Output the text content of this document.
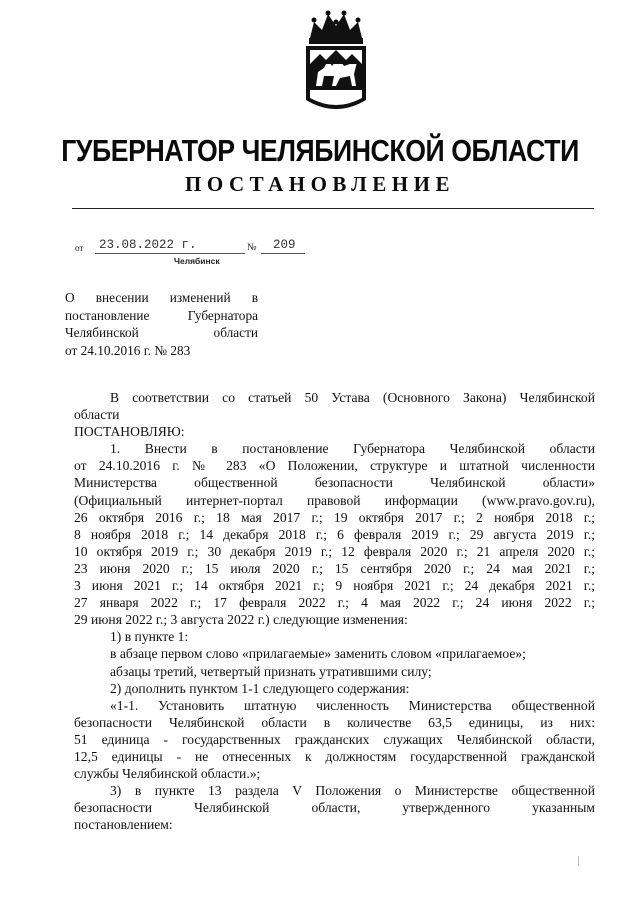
ГУБЕРНАТОР ЧЕЛЯБИНСКОЙ ОБЛАСТИ
ПОСТАНОВЛЕНИЕ
от 23.08.2022 г.	№ 209
Челябинск
О внесении изменений в
постановление Губернатора
Челябинской области
от 24.10.2016 г. № 283
В соответствии со статьей 50 Устава (Основного Закона) Челябинской
области
ПОСТАНОВЛЯЮ:
1. Внести в постановление Губернатора Челябинской области
от 24.10.2016 г. № 283 «О Положении, структуре и штатной численности
Министерства общественной безопасности Челябинской области»
(Официальный интернет-портал правовой информации (www.pravo.gov.ru),
26 октября 2016 г.; 18 мая 2017 г.; 19 октября 2017 г.; 2 ноября 2018 г.;
8 ноября 2018 г.; 14 декабря 2018 г.; 6 февраля 2019 г.; 29 августа 2019 г.;
10 октября 2019 г.; 30 декабря 2019 г.; 12 февраля 2020 г.; 21 апреля 2020 г.;
23 июня 2020 г.; 15 июля 2020 г.; 15 сентября 2020 г.; 24 мая 2021 г.;
3 июня 2021 г.; 14 октября 2021 г.; 9 ноября 2021 г.; 24 декабря 2021 г.;
27 января 2022 г.; 17 февраля 2022 г.; 4 мая 2022 г.; 24 июня 2022 г.;
29 июня 2022 г.; 3 августа 2022 г.) следующие изменения:
1) в пункте 1:
в абзаце первом слово «прилагаемые» заменить словом «прилагаемое»;
абзацы третий, четвертый признать утратившими силу;
2) дополнить пунктом 1-1 следующего содержания:
«1-1. Установить штатную численность Министерства общественной
безопасности Челябинской области в количестве 63,5 единицы, из них:
51 единица - государственных гражданских служащих Челябинской области,
12,5 единицы - не отнесенных к должностям государственной гражданской
службы Челябинской области.»;
3) в пункте 13 раздела V Положения о Министерстве общественной
безопасности Челябинской области, утвержденного указанным
постановлением:
